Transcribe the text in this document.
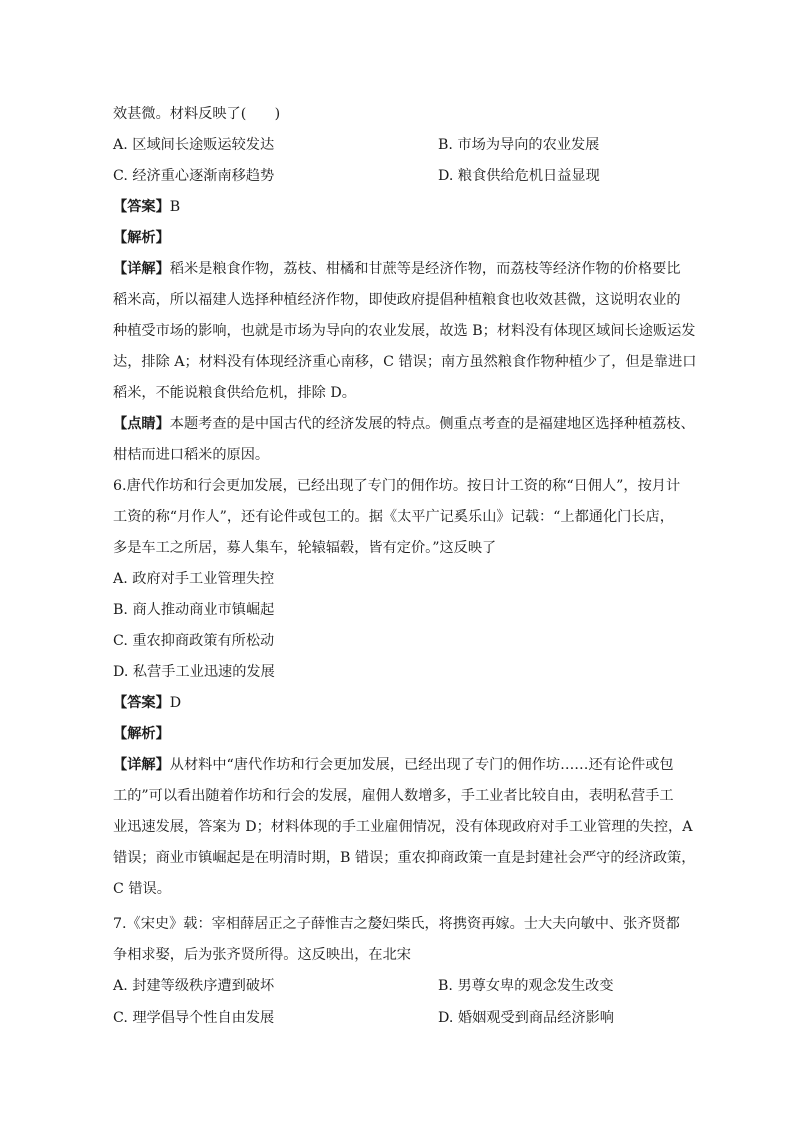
效甚微。材料反映了(　　)
A. 区域间长途贩运较发达	B. 市场为导向的农业发展
C. 经济重心逐渐南移趋势	D. 粮食供给危机日益显现
【答案】B
【解析】
【详解】稻米是粮食作物，荔枝、柑橘和甘蔗等是经济作物，而荔枝等经济作物的价格要比
稻米高，所以福建人选择种植经济作物，即使政府提倡种植粮食也收效甚微，这说明农业的
种植受市场的影响，也就是市场为导向的农业发展，故选 B；材料没有体现区域间长途贩运发
达，排除 A；材料没有体现经济重心南移，C 错误；南方虽然粮食作物种植少了，但是靠进口
稻米，不能说粮食供给危机，排除 D。
【点睛】本题考查的是中国古代的经济发展的特点。侧重点考查的是福建地区选择种植荔枝、
柑桔而进口稻米的原因。
6.唐代作坊和行会更加发展，已经出现了专门的佣作坊。按日计工资的称“日佣人”，按月计
工资的称“月作人”，还有论件或包工的。据《太平广记奚乐山》记载：“上都通化门长店，
多是车工之所居，募人集车，轮辕辐毂，皆有定价。”这反映了
A. 政府对手工业管理失控
B. 商人推动商业市镇崛起
C. 重农抑商政策有所松动
D. 私营手工业迅速的发展
【答案】D
【解析】
【详解】从材料中“唐代作坊和行会更加发展，已经出现了专门的佣作坊……还有论件或包
工的”可以看出随着作坊和行会的发展，雇佣人数增多，手工业者比较自由，表明私营手工
业迅速发展，答案为 D；材料体现的手工业雇佣情况，没有体现政府对手工业管理的失控，A
错误；商业市镇崛起是在明清时期，B 错误；重农抑商政策一直是封建社会严守的经济政策，
C 错误。
7.《宋史》载：宰相薛居正之子薛惟吉之嫠妇柴氏，将携资再嫁。士大夫向敏中、张齐贤都
争相求娶，后为张齐贤所得。这反映出，在北宋
A. 封建等级秩序遭到破坏	B. 男尊女卑的观念发生改变
C. 理学倡导个性自由发展	D. 婚姻观受到商品经济影响
